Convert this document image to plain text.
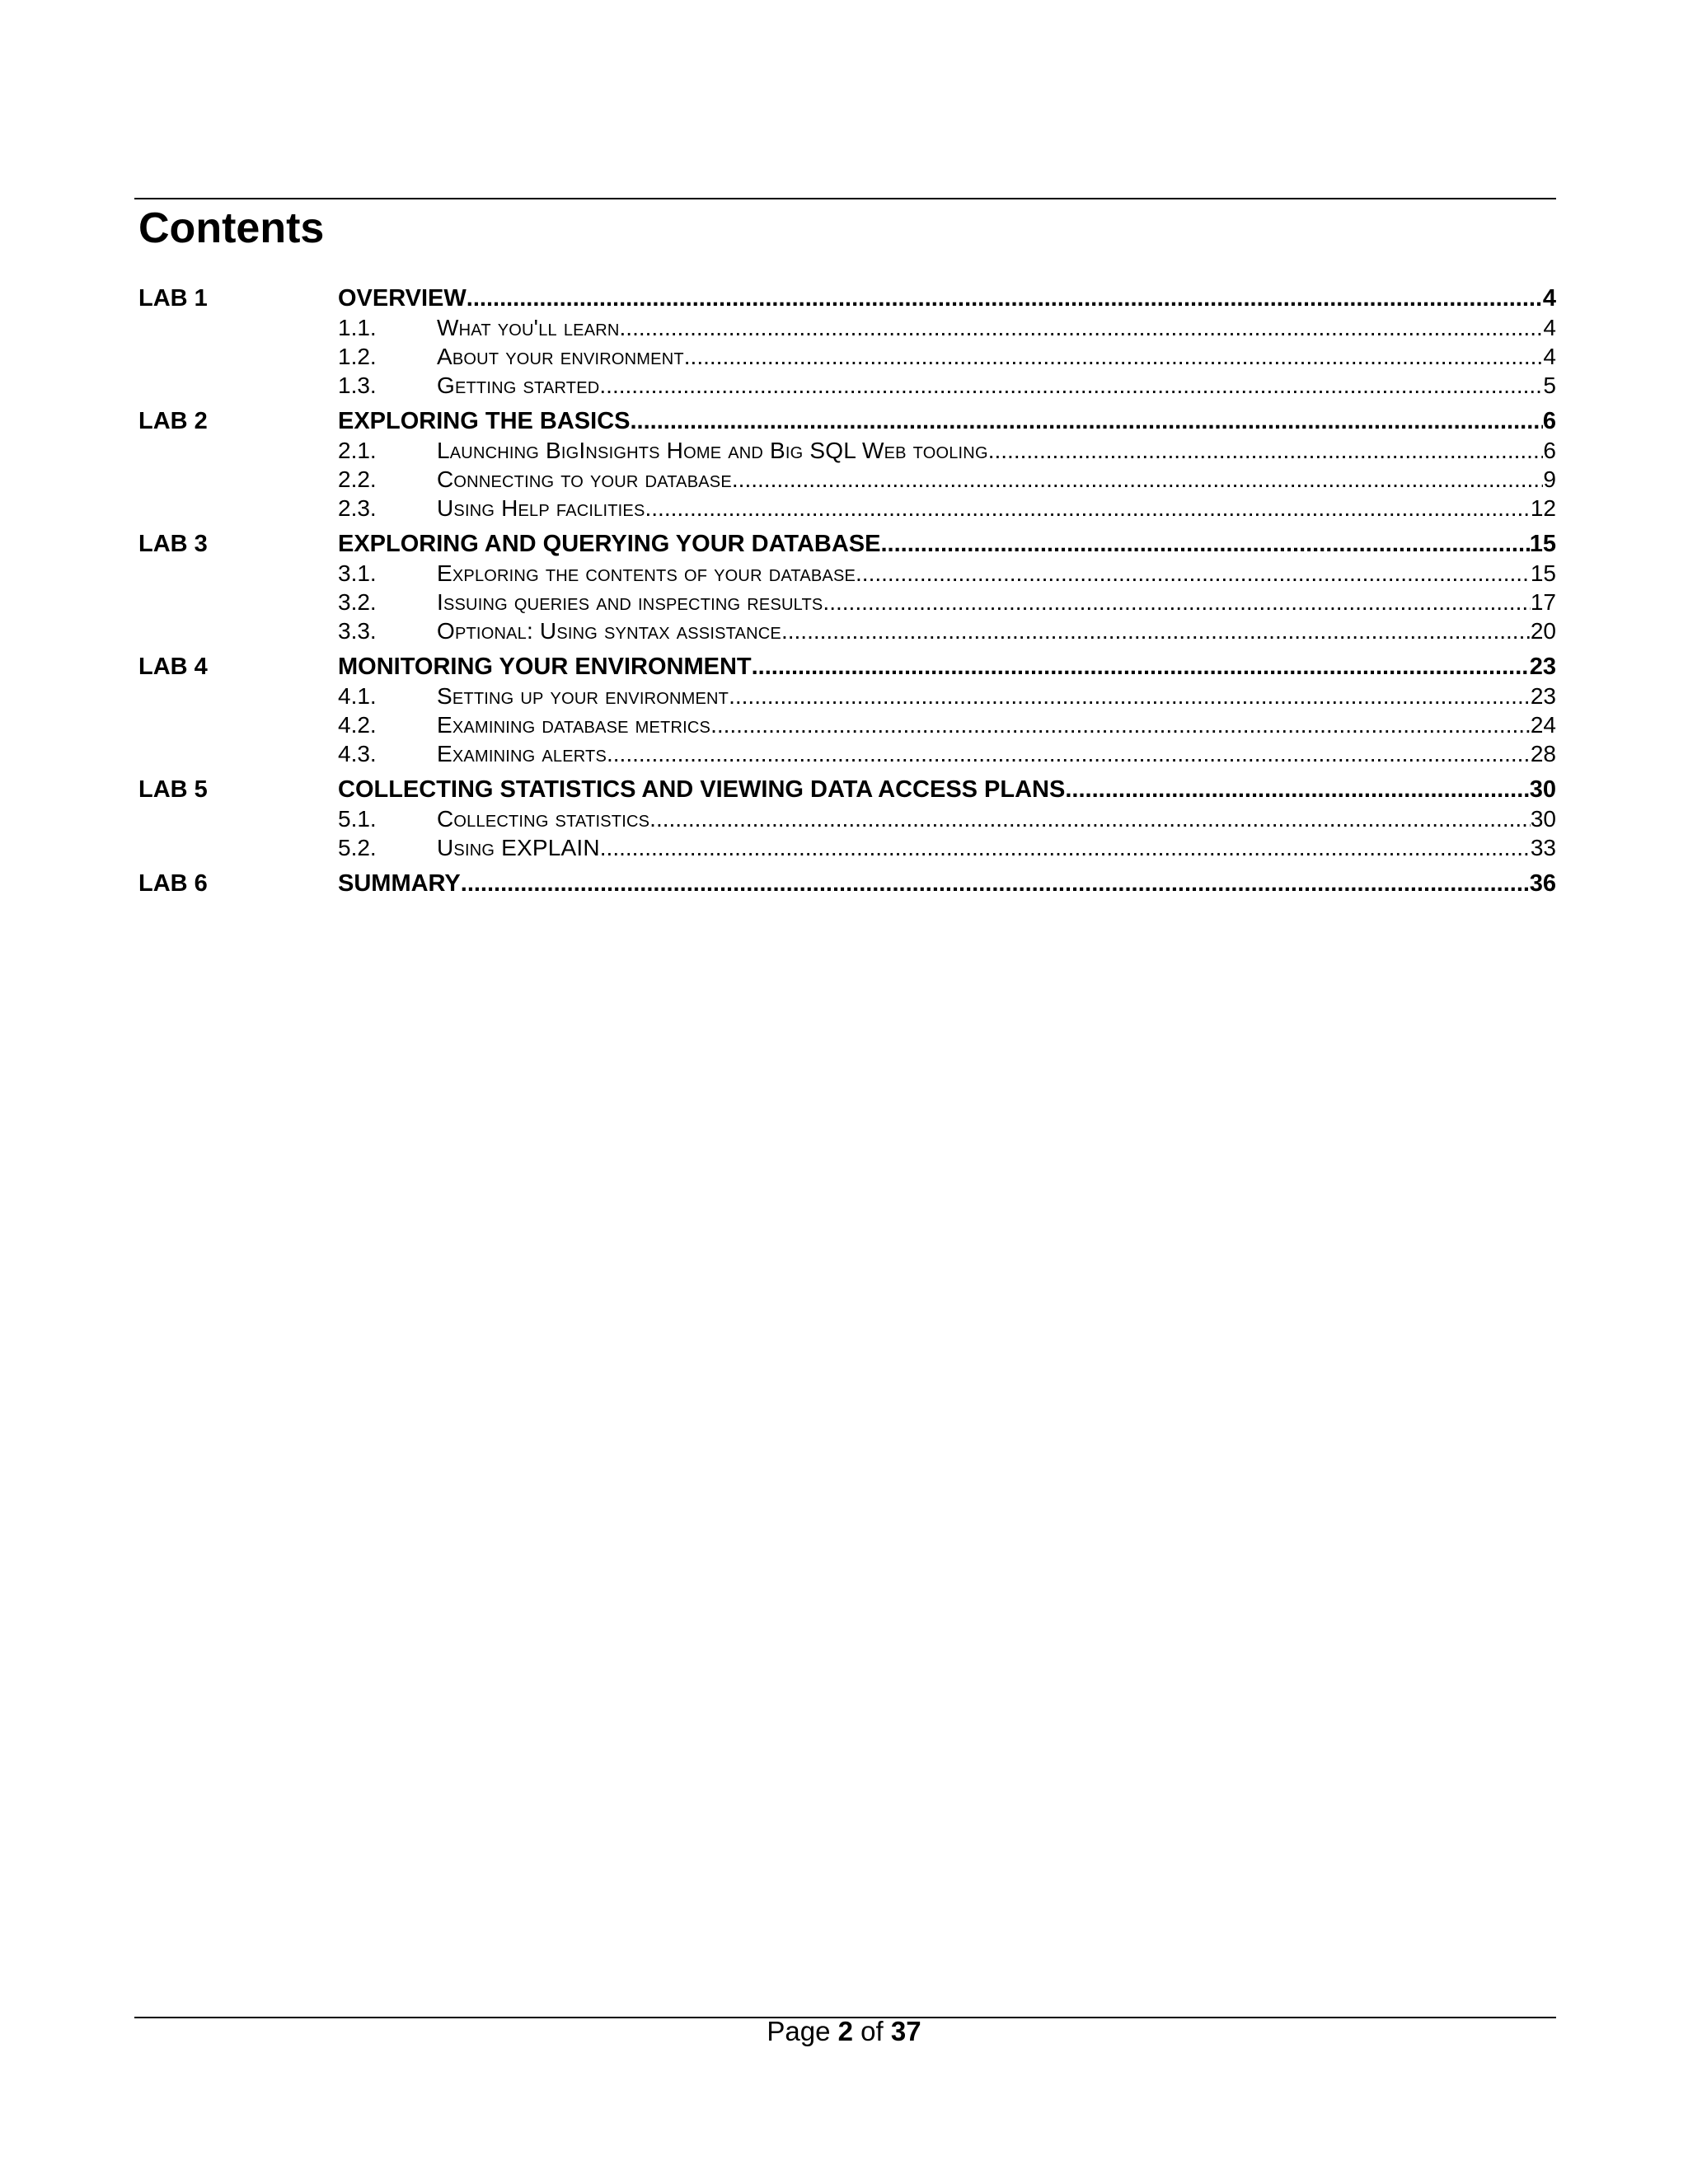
Contents
LAB 1	OVERVIEW .....	4
1.1.	What you'll learn .....	4
1.2.	About your environment .....	4
1.3.	Getting started .....	5
LAB 2	EXPLORING THE BASICS .....	6
2.1.	Launching BigInsights Home and Big SQL Web tooling .....	6
2.2.	Connecting to your database .....	9
2.3.	Using Help facilities .....	12
LAB 3	EXPLORING AND QUERYING YOUR DATABASE .....	15
3.1.	Exploring the contents of your database .....	15
3.2.	Issuing queries and inspecting results .....	17
3.3.	Optional: Using syntax assistance .....	20
LAB 4	MONITORING YOUR ENVIRONMENT .....	23
4.1.	Setting up your environment .....	23
4.2.	Examining database metrics .....	24
4.3.	Examining alerts .....	28
LAB 5	COLLECTING STATISTICS AND VIEWING DATA ACCESS PLANS .....	30
5.1.	Collecting statistics .....	30
5.2.	Using EXPLAIN .....	33
LAB 6	SUMMARY .....	36
Page 2 of 37
